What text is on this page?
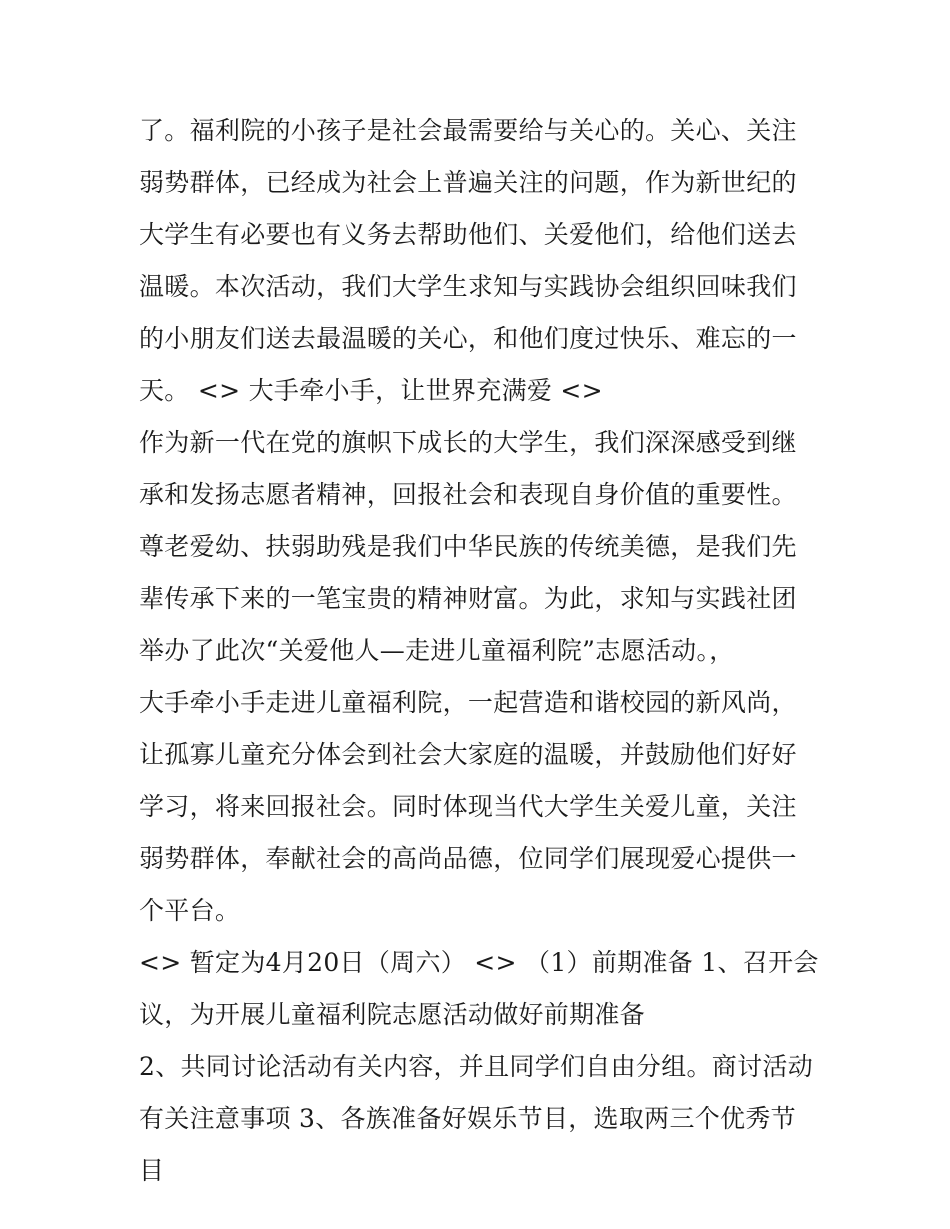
了。福利院的小孩子是社会最需要给与关心的。关心、关注弱势群体，已经成为社会上普遍关注的问题，作为新世纪的大学生有必要也有义务去帮助他们、关爱他们，给他们送去温暖。本次活动，我们大学生求知与实践协会组织回味我们的小朋友们送去最温暖的关心，和他们度过快乐、难忘的一天。 <> 大手牵小手，让世界充满爱 <>

作为新一代在党的旗帜下成长的大学生，我们深深感受到继承和发扬志愿者精神，回报社会和表现自身价值的重要性。尊老爱幼、扶弱助残是我们中华民族的传统美德，是我们先辈传承下来的一笔宝贵的精神财富。为此，求知与实践社团举办了此次“关爱他人—走进儿童福利院”志愿活动。，

大手牵小手走进儿童福利院，一起营造和谐校园的新风尚，让孤寡儿童充分体会到社会大家庭的温暖，并鼓励他们好好学习，将来回报社会。同时体现当代大学生关爱儿童，关注弱势群体，奉献社会的高尚品德，位同学们展现爱心提供一个平台。

<> 暂定为4月20日（周六） <> （1）前期准备 1、召开会议，为开展儿童福利院志愿活动做好前期准备

2、共同讨论活动有关内容，并且同学们自由分组。商讨活动有关注意事项 3、各族准备好娱乐节目，选取两三个优秀节目
